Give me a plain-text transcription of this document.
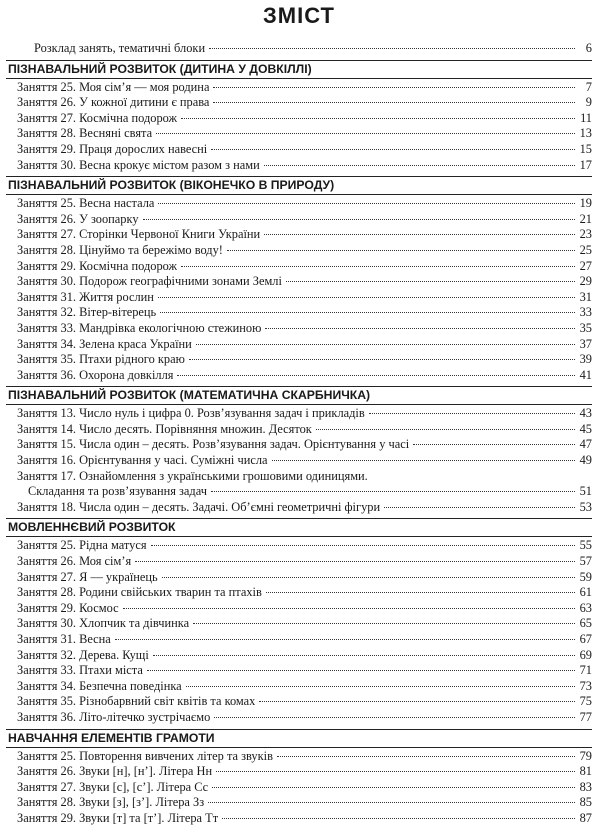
ЗМІСТ
Розклад занять, тематичні блоки	6
ПІЗНАВАЛЬНИЙ РОЗВИТОК (ДИТИНА У ДОВКІЛЛІ)
Заняття 25. Моя сім’я — моя родина	7
Заняття 26. У кожної дитини є права	9
Заняття 27. Космічна подорож	11
Заняття 28. Весняні свята	13
Заняття 29. Праця дорослих навесні	15
Заняття 30. Весна крокує містом разом з нами	17
ПІЗНАВАЛЬНИЙ РОЗВИТОК (ВІКОНЕЧКО В ПРИРОДУ)
Заняття 25. Весна настала	19
Заняття 26. У зоопарку	21
Заняття 27. Сторінки Червоної Книги України	23
Заняття 28. Цінуймо та бережімо воду!	25
Заняття 29. Космічна подорож	27
Заняття 30. Подорож географічними зонами Землі	29
Заняття 31. Життя рослин	31
Заняття 32. Вітер-вітерець	33
Заняття 33. Мандрівка екологічною стежиною	35
Заняття 34. Зелена краса України	37
Заняття 35. Птахи рідного краю	39
Заняття 36. Охорона довкілля	41
ПІЗНАВАЛЬНИЙ РОЗВИТОК (МАТЕМАТИЧНА СКАРБНИЧКА)
Заняття 13. Число нуль і цифра 0. Розв’язування задач і прикладів	43
Заняття 14. Число десять. Порівняння множин. Десяток	45
Заняття 15. Числа один – десять. Розв’язування задач. Орієнтування у часі	47
Заняття 16. Орієнтування у часі. Суміжні числа	49
Заняття 17. Ознайомлення з українськими грошовими одиницями.
Складання та розв’язування задач	51
Заняття 18. Числа один – десять. Задачі. Об’ємні геометричні фігури	53
МОВЛЕННЄВИЙ РОЗВИТОК
Заняття 25. Рідна матуся	55
Заняття 26. Моя сім’я	57
Заняття 27. Я — українець	59
Заняття 28. Родини свійських тварин та птахів	61
Заняття 29. Космос	63
Заняття 30. Хлопчик та дівчинка	65
Заняття 31. Весна	67
Заняття 32. Дерева. Кущі	69
Заняття 33. Птахи міста	71
Заняття 34. Безпечна поведінка	73
Заняття 35. Різнобарвний світ квітів та комах	75
Заняття 36. Літо-літечко зустрічаємо	77
НАВЧАННЯ ЕЛЕМЕНТІВ ГРАМОТИ
Заняття 25. Повторення вивчених літер та звуків	79
Заняття 26. Звуки [н], [н’]. Літера Нн	81
Заняття 27. Звуки [с], [с’]. Літера Сс	83
Заняття 28. Звуки [з], [з’]. Літера Зз	85
Заняття 29. Звуки [т] та [т’]. Літера Тт	87
